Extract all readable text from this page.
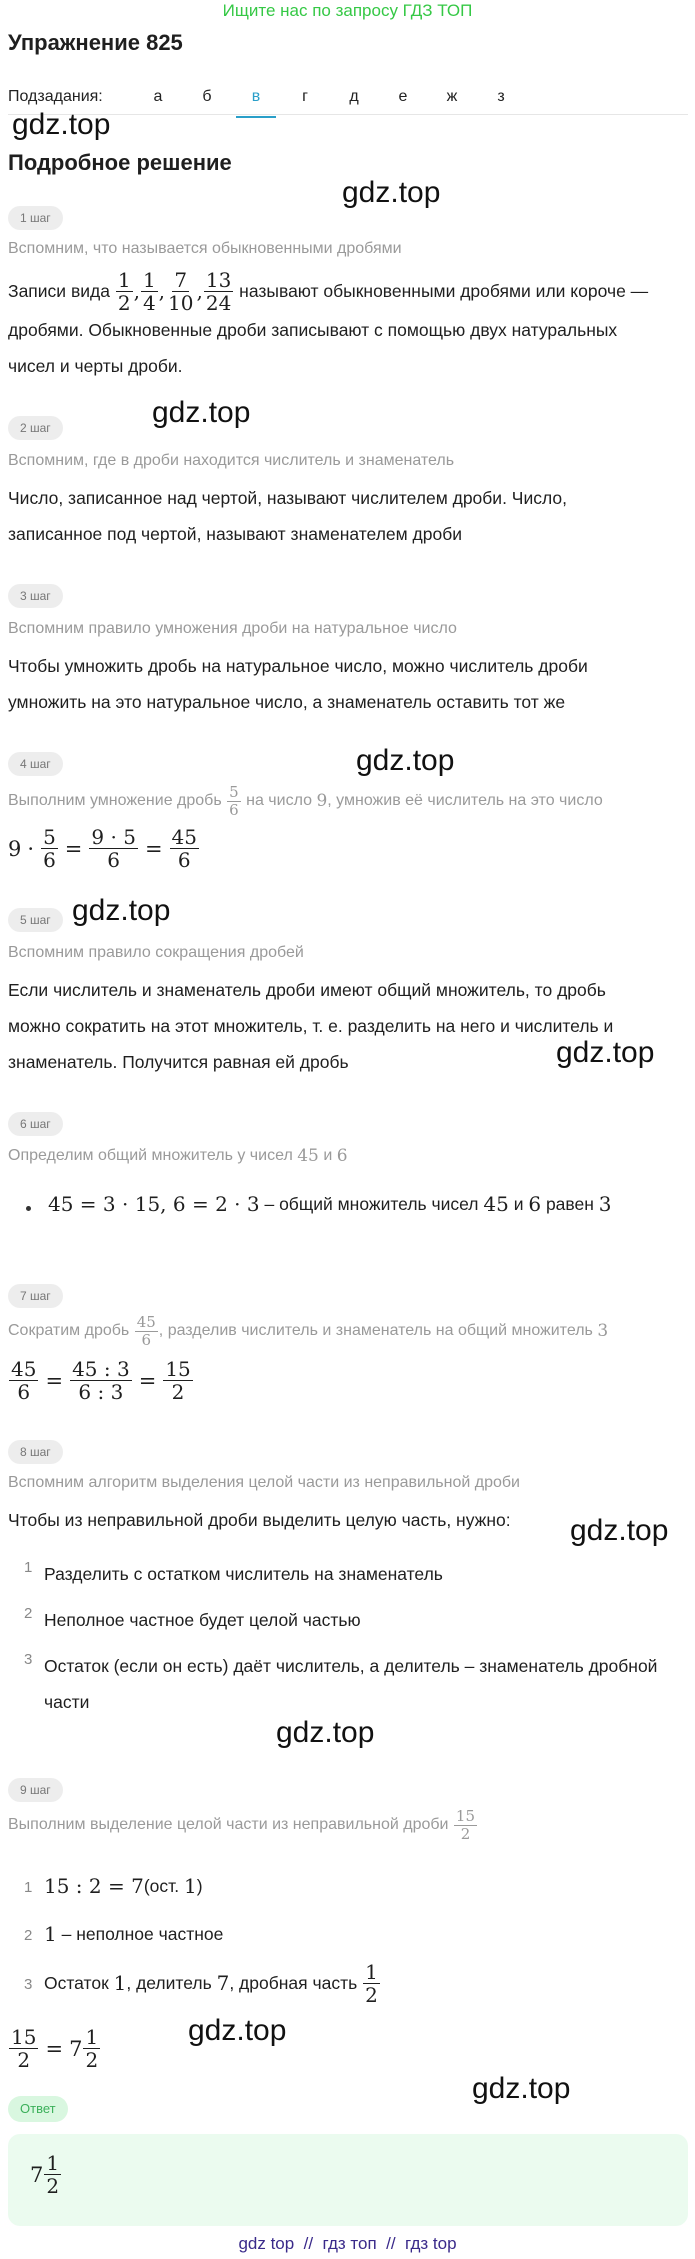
Ищите нас по запросу ГДЗ ТОП
Упражнение 825
Подзадания:	а	б	в	г	д	е	ж	з
gdz.top
gdz.top
gdz.top
gdz.top
gdz.top
gdz.top
gdz.top
gdz.top
gdz.top
gdz.top
Подробное решение
1 шаг
Вспомним, что называется обыкновенными дробями
Записи вида
$\frac{1}{2}$ , $\frac{1}{4}$ , $\frac{7}{10}$ , $\frac{13}{24}$
называют обыкновенными дробями или короче —
дробями. Обыкновенные дроби записывают с помощью двух натуральных
чисел и черты дроби.
2 шаг
Вспомним, где в дроби находится числитель и знаменатель
Число, записанное над чертой, называют числителем дроби. Число,
записанное под чертой, называют знаменателем дроби
3 шаг
Вспомним правило умножения дроби на натуральное число
Чтобы умножить дробь на натуральное число, можно числитель дроби
умножить на это натуральное число, а знаменатель оставить тот же
4 шаг
Выполним умножение дробь
$\frac{5}{6}$
на число
9 , умножив её числитель на это число
$9 \cdot \frac{5}{6} = \frac{9 \cdot 5}{6} = \frac{45}{6}$
5 шаг
Вспомним правило сокращения дробей
Если числитель и знаменатель дроби имеют общий множитель, то дробь
можно сократить на этот множитель, т. е. разделить на него и числитель и
знаменатель. Получится равная ей дробь
6 шаг
Определим общий множитель у чисел
45
и
6
45 = 3 · 15, 6 = 2 · 3 – общий множитель чисел 45 и 6 равен 3
7 шаг
Сократим дробь
$\frac{45}{6}$ , разделив числитель и знаменатель на общий множитель
3
$\frac{45}{6} = \frac{45 : 3}{6 : 3} = \frac{15}{2}$
8 шаг
Вспомним алгоритм выделения целой части из неправильной дроби
Чтобы из неправильной дроби выделить целую часть, нужно:
1 Разделить с остатком числитель на знаменатель
2 Неполное частное будет целой частью
3 Остаток (если он есть) даёт числитель, а делитель – знаменатель дробной
части
9 шаг
Выполним выделение целой части из неправильной дроби
$\frac{15}{2}$
1 15 : 2 = 7 (ост. 1 )
2 1 – неполное частное
3 Остаток 1 , делитель 7 , дробная часть $\frac{1}{2}$
$\frac{15}{2} = 7 \frac{1}{2}$
Ответ
$7 \frac{1}{2}$
gdz top  //  гдз топ  //  гдз top
